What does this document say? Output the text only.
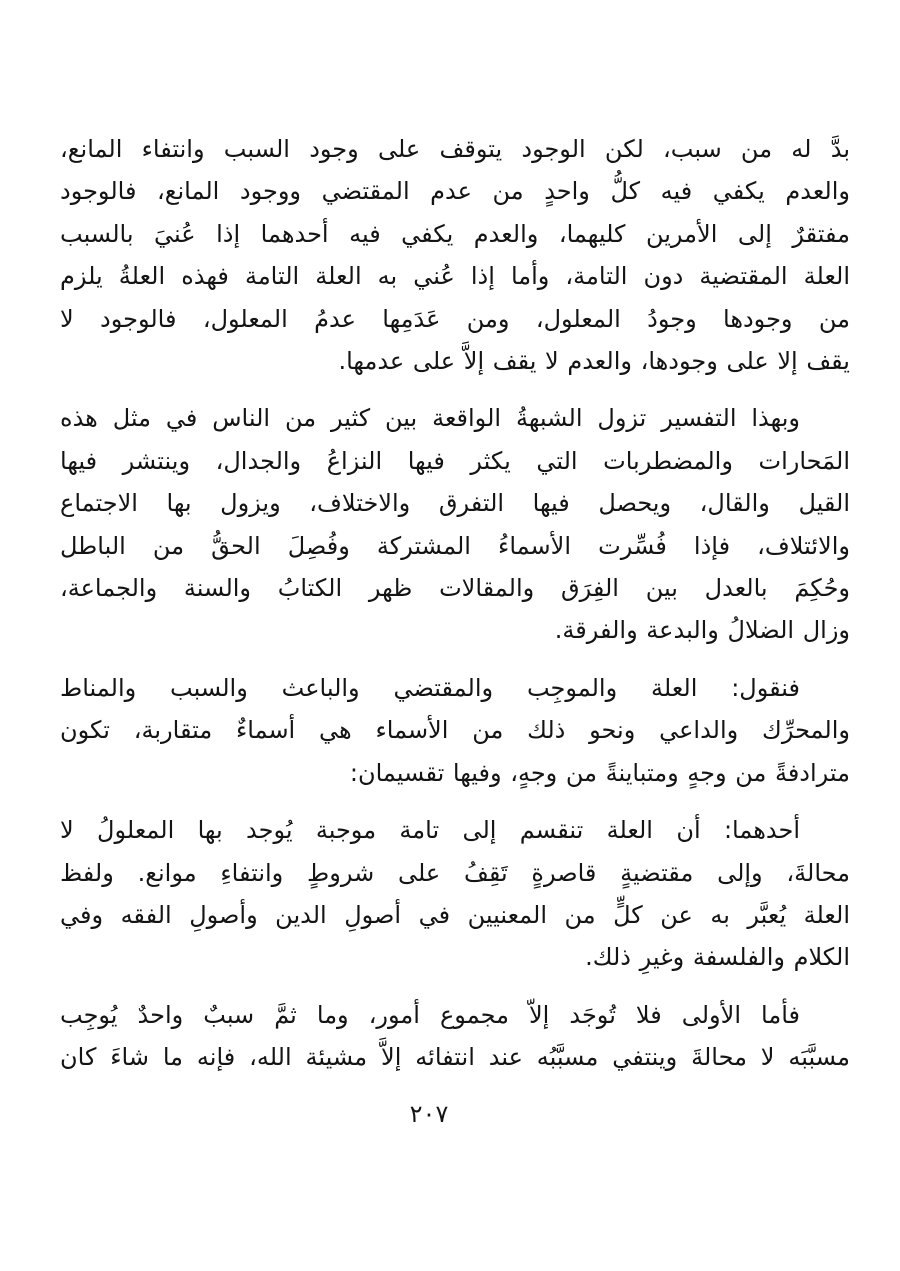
بدَّ له من سبب، لكن الوجود يتوقف على وجود السبب وانتفاء المانع،
والعدم يكفي فيه كلُّ واحدٍ من عدم المقتضي ووجود المانع، فالوجود
مفتقرٌ إلى الأمرين كليهما، والعدم يكفي فيه أحدهما إذا عُنيَ بالسبب
العلة المقتضية دون التامة، وأما إذا عُني به العلة التامة فهذه العلةُ يلزم
من وجودها وجودُ المعلول، ومن عَدَمِها عدمُ المعلول، فالوجود لا
يقف إلا على وجودها، والعدم لا يقف إلاَّ على عدمها.
وبهذا التفسير تزول الشبهةُ الواقعة بين كثير من الناس في مثل هذه
المَحارات والمضطربات التي يكثر فيها النزاعُ والجدال، وينتشر فيها
القيل والقال، ويحصل فيها التفرق والاختلاف، ويزول بها الاجتماع
والائتلاف، فإذا فُسِّرت الأسماءُ المشتركة وفُصِلَ الحقُّ من الباطل
وحُكِمَ بالعدل بين الفِرَق والمقالات ظهر الكتابُ والسنة والجماعة،
وزال الضلالُ والبدعة والفرقة.
فنقول: العلة والموجِب والمقتضي والباعث والسبب والمناط
والمحرِّك والداعي ونحو ذلك من الأسماء هي أسماءٌ متقاربة، تكون
مترادفةً من وجهٍ ومتباينةً من وجهٍ، وفيها تقسيمان:
أحدهما: أن العلة تنقسم إلى تامة موجبة يُوجد بها المعلولُ لا
محالةَ، وإلى مقتضيةٍ قاصرةٍ تَقِفُ على شروطٍ وانتفاءِ موانع. ولفظ
العلة يُعبَّر به عن كلٍّ من المعنيين في أصولِ الدين وأصولِ الفقه وفي
الكلام والفلسفة وغيرِ ذلك.
فأما الأولى فلا تُوجَد إلاّ مجموع أمور، وما ثمَّ سببٌ واحدٌ يُوجِب
مسبَّبَه لا محالةَ وينتفي مسبَّبُه عند انتفائه إلاَّ مشيئة الله، فإنه ما شاءَ كان
٢٠٧
